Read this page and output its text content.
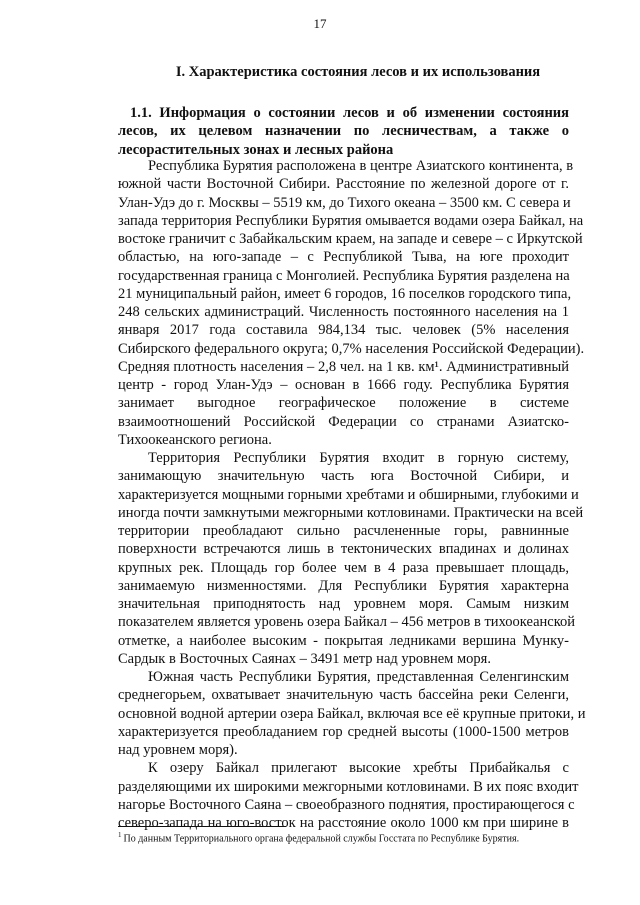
17
I. Характеристика состояния лесов и их использования
1.1. Информация о состоянии лесов и об изменении состояния
лесов, их целевом назначении по лесничествам, а также о
лесорастительных зонах и лесных района
Республика Бурятия расположена в центре Азиатского континента, в
южной части Восточной Сибири. Расстояние по железной дороге от г.
Улан-Удэ до г. Москвы – 5519 км, до Тихого океана – 3500 км. С севера и
запада территория Республики Бурятия омывается водами озера Байкал, на
востоке граничит с Забайкальским краем, на западе и севере – с Иркутской
областью, на юго-западе – с Республикой Тыва, на юге проходит
государственная граница с Монголией. Республика Бурятия разделена на
21 муниципальный район, имеет 6 городов, 16 поселков городского типа,
248 сельских администраций. Численность постоянного населения на 1
января 2017 года составила 984,134 тыс. человек (5% населения
Сибирского федерального округа; 0,7% населения Российской Федерации).
Средняя плотность населения – 2,8 чел. на 1 кв. км¹. Административный
центр - город Улан-Удэ – основан в 1666 году. Республика Бурятия
занимает выгодное географическое положение в системе
взаимоотношений Российской Федерации со странами Азиатско-
Тихоокеанского региона.
Территория Республики Бурятия входит в горную систему,
занимающую значительную часть юга Восточной Сибири, и
характеризуется мощными горными хребтами и обширными, глубокими и
иногда почти замкнутыми межгорными котловинами. Практически на всей
территории преобладают сильно расчлененные горы, равнинные
поверхности встречаются лишь в тектонических впадинах и долинах
крупных рек. Площадь гор более чем в 4 раза превышает площадь,
занимаемую низменностями. Для Республики Бурятия характерна
значительная приподнятость над уровнем моря. Самым низким
показателем является уровень озера Байкал – 456 метров в тихоокеанской
отметке, а наиболее высоким - покрытая ледниками вершина Мунку-
Сардык в Восточных Саянах – 3491 метр над уровнем моря.
Южная часть Республики Бурятия, представленная Селенгинским
среднегорьем, охватывает значительную часть бассейна реки Селенги,
основной водной артерии озера Байкал, включая все её крупные притоки, и
характеризуется преобладанием гор средней высоты (1000-1500 метров
над уровнем моря).
К озеру Байкал прилегают высокие хребты Прибайкалья с
разделяющими их широкими межгорными котловинами. В их пояс входит
нагорье Восточного Саяна – своеобразного поднятия, простирающегося с
северо-запада на юго-восток на расстояние около 1000 км при ширине в
$^1$ По данным Территориального органа федеральной службы Госстата по Республике Бурятия.
